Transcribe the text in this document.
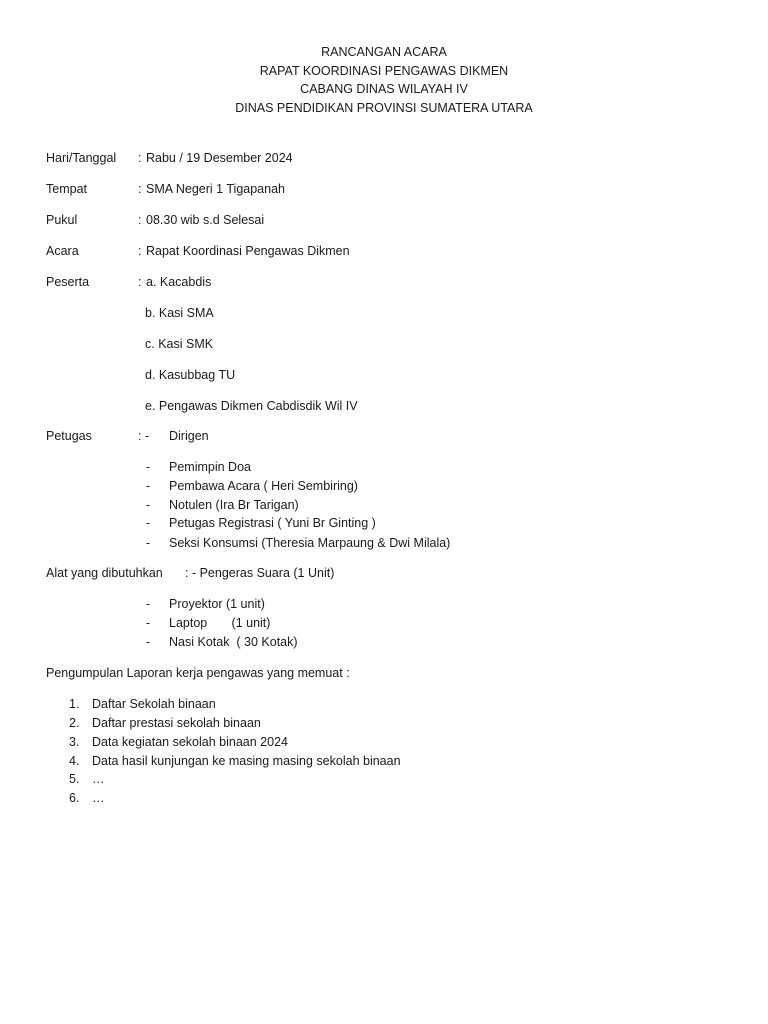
RANCANGAN ACARA
RAPAT KOORDINASI PENGAWAS DIKMEN
CABANG DINAS WILAYAH IV
DINAS PENDIDIKAN PROVINSI SUMATERA UTARA
Hari/Tanggal : Rabu / 19 Desember 2024
Tempat	: SMA Negeri 1 Tigapanah
Pukul	: 08.30 wib s.d Selesai
Acara	: Rapat Koordinasi Pengawas Dikmen
Peserta	: a. Kacabdis
b. Kasi SMA
c. Kasi SMK
d. Kasubbag TU
e. Pengawas Dikmen Cabdisdik Wil IV
Petugas	: - Dirigen
- Pemimpin Doa
- Pembawa Acara ( Heri Sembiring)
- Notulen (Ira Br Tarigan)
- Petugas Registrasi ( Yuni Br Ginting )
- Seksi Konsumsi (Theresia Marpaung & Dwi Milala)
Alat yang dibutuhkan : - Pengeras Suara (1 Unit)
- Proyektor (1 unit)
- Laptop       (1 unit)
- Nasi Kotak  ( 30 Kotak)
Pengumpulan Laporan kerja pengawas yang memuat :
1.	Daftar Sekolah binaan
2.	Daftar prestasi sekolah binaan
3.	Data kegiatan sekolah binaan 2024
4.	Data hasil kunjungan ke masing masing sekolah binaan
5.	…
6.	…
